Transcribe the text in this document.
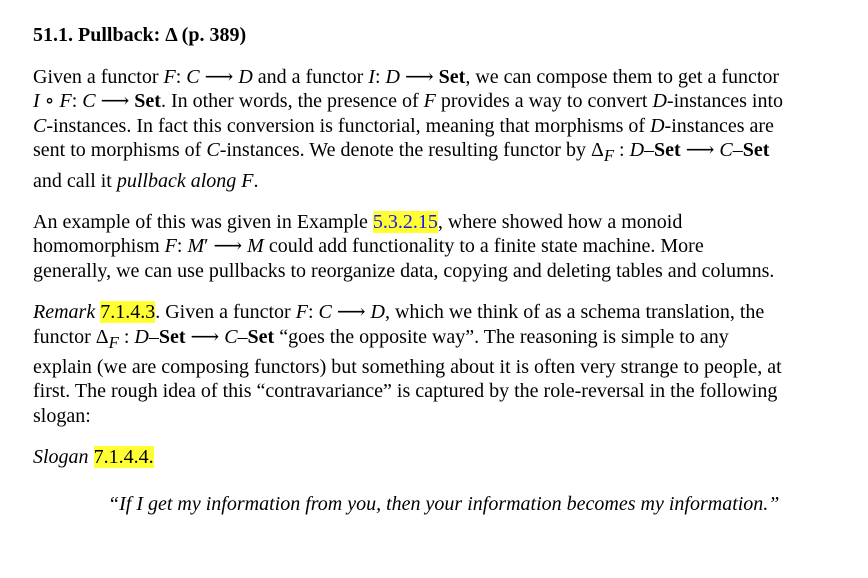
51.1. Pullback: Δ (p. 389)
Given a functor F: C ⟶ D and a functor I: D ⟶ Set, we can compose them to get a functor
I ∘ F: C ⟶ Set. In other words, the presence of F provides a way to convert D-instances into
C-instances. In fact this conversion is functorial, meaning that morphisms of D-instances are
sent to morphisms of C-instances. We denote the resulting functor by $\Delta_F$ : D–Set ⟶ C–Set
and call it pullback along F.
An example of this was given in Example 5.3.2.15, where showed how a monoid
homomorphism F: M′ ⟶ M could add functionality to a finite state machine. More
generally, we can use pullbacks to reorganize data, copying and deleting tables and columns.
Remark 7.1.4.3. Given a functor F: C ⟶ D, which we think of as a schema translation, the
functor $\Delta_F$ : D–Set ⟶ C–Set “goes the opposite way”. The reasoning is simple to any
explain (we are composing functors) but something about it is often very strange to people, at
first. The rough idea of this “contravariance” is captured by the role-reversal in the following
slogan:
Slogan 7.1.4.4.
“If I get my information from you, then your information becomes my information.”
